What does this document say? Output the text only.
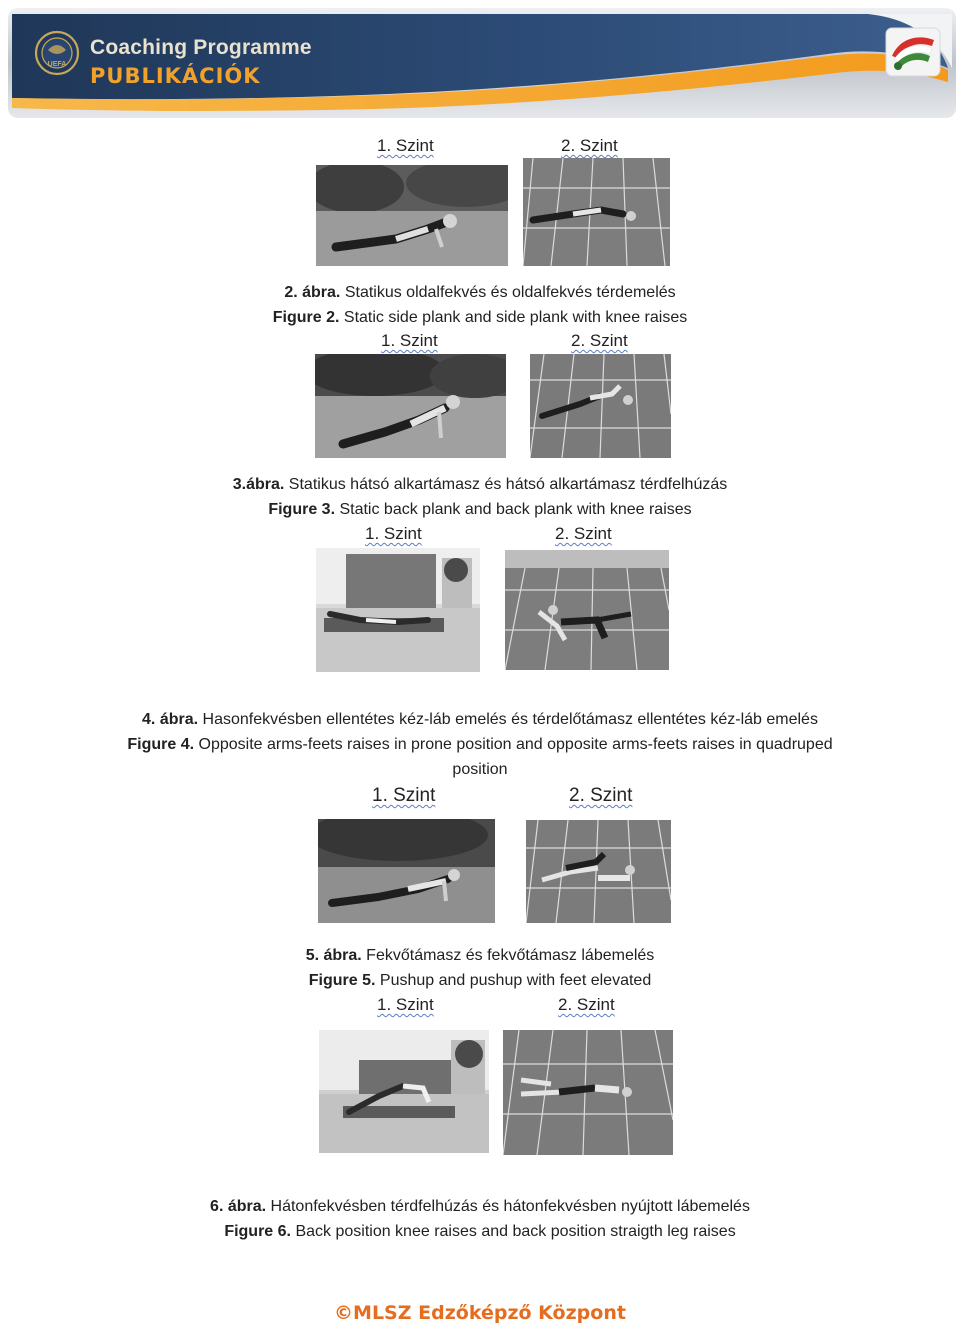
UEFA
Coaching Programme
PUBLIKÁCIÓK
1. Szint	2. Szint
2. ábra. Statikus oldalfekvés és oldalfekvés térdemelés
Figure 2. Static side plank and side plank with knee raises
1. Szint	2. Szint
3.ábra. Statikus hátsó alkartámasz és hátsó alkartámasz térdfelhúzás
Figure 3. Static back plank and back plank with knee raises
1. Szint	2. Szint
4. ábra. Hasonfekvésben ellentétes kéz-láb emelés és térdelőtámasz ellentétes kéz-láb emelés
Figure 4. Opposite arms-feets raises in prone position and opposite arms-feets raises in quadruped position
1. Szint	2. Szint
5. ábra. Fekvőtámasz és fekvőtámasz lábemelés
Figure 5. Pushup and pushup with feet elevated
1. Szint	2. Szint
6. ábra. Hátonfekvésben térdfelhúzás és hátonfekvésben nyújtott lábemelés
Figure 6. Back position knee raises and back position straigth leg raises
©MLSZ Edzőképző Központ
